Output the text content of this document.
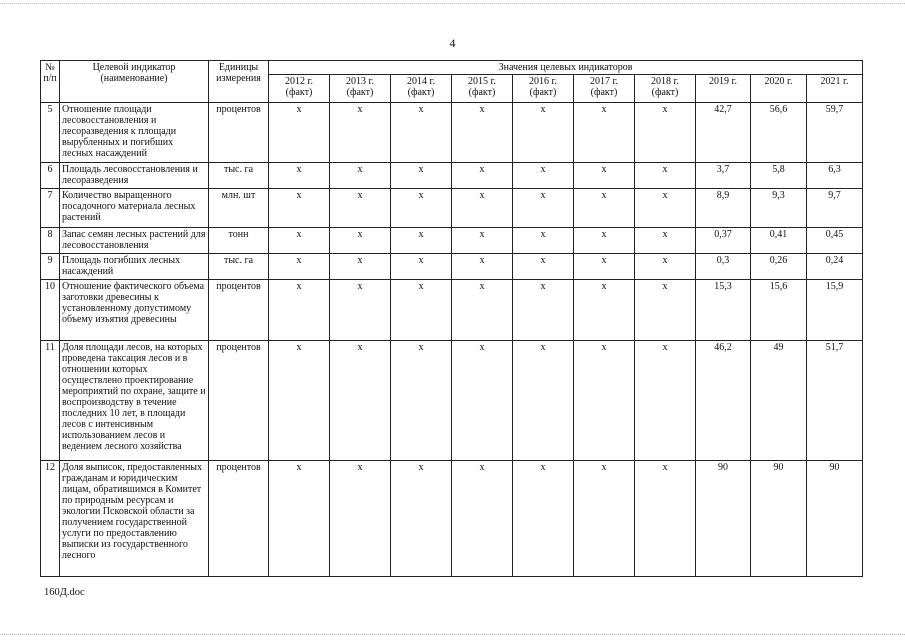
4
№ п/п	Целевой индикатор (наименование)	Единицы измерения	Значения целевых индикаторов									
			2012 г. (факт)	2013 г. (факт)	2014 г. (факт)	2015 г. (факт)	2016 г. (факт)	2017 г. (факт)	2018 г. (факт)	2019 г.	2020 г.	2021 г.
5	Отношение площади лесовосстановления и лесоразведения к площади вырубленных и погибших лесных насаждений	процентов	x	x	x	x	x	x	x	42,7	56,6	59,7
6	Площадь лесовосстановления и лесоразведения	тыс. га	x	x	x	x	x	x	x	3,7	5,8	6,3
7	Количество выращенного посадочного материала лесных растений	млн. шт	x	x	x	x	x	x	x	8,9	9,3	9,7
8	Запас семян лесных растений для лесовосстановления	тонн	x	x	x	x	x	x	x	0,37	0,41	0,45
9	Площадь погибших лесных насаждений	тыс. га	x	x	x	x	x	x	x	0,3	0,26	0,24
10	Отношение фактического объема заготовки древесины к установленному допустимому объему изъятия древесины	процентов	x	x	x	x	x	x	x	15,3	15,6	15,9
11	Доля площади лесов, на которых проведена таксация лесов и в отношении которых осуществлено проектирование мероприятий по охране, защите и воспроизводству в течение последних 10 лет, в площади лесов с интенсивным использованием лесов и ведением лесного хозяйства	процентов	x	x	x	x	x	x	x	46,2	49	51,7
12	Доля выписок, предоставленных гражданам и юридическим лицам, обратившимся в Комитет по природным ресурсам и экологии Псковской области за получением государственной услуги по предоставлению выписки из государственного лесного	процентов	x	x	x	x	x	x	x	90	90	90
160Д.doc
